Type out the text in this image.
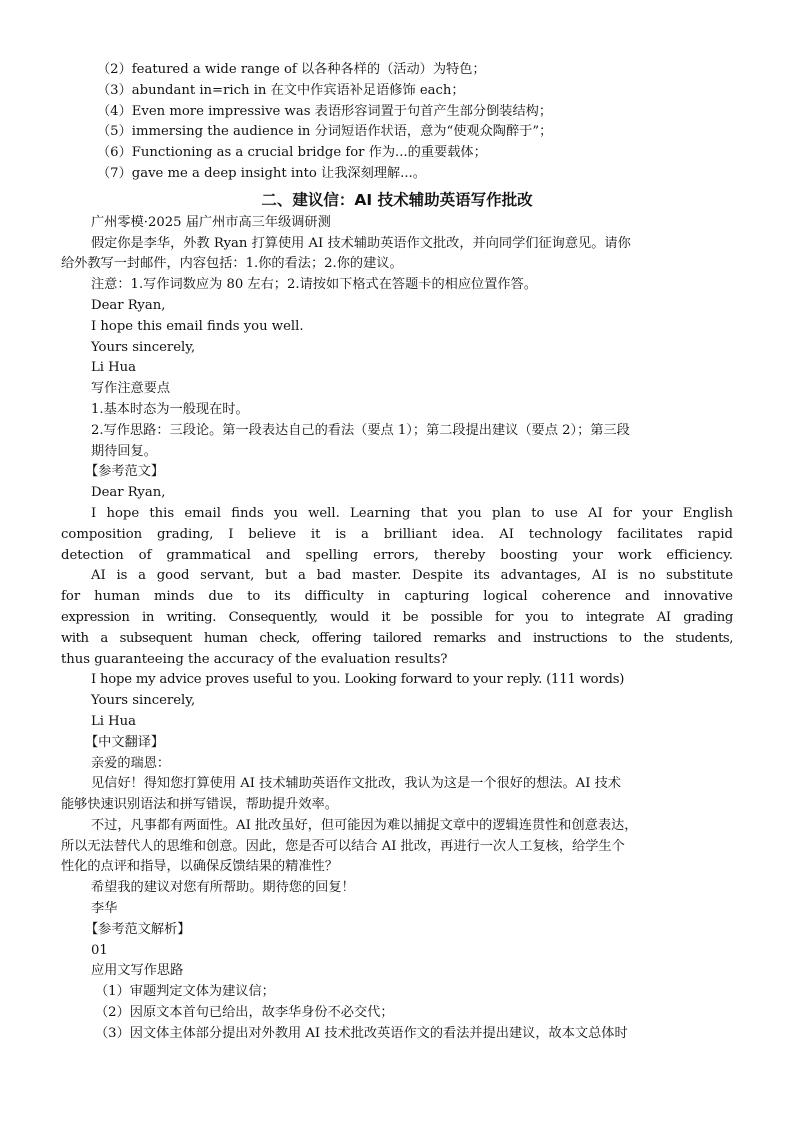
（2）featured a wide range of 以各种各样的（活动）为特色；
（3）abundant in=rich in 在文中作宾语补足语修饰 each；
（4）Even more impressive was 表语形容词置于句首产生部分倒装结构；
（5）immersing the audience in 分词短语作状语，意为“使观众陶醉于”；
（6）Functioning as a crucial bridge for 作为...的重要载体；
（7）gave me a deep insight into 让我深刻理解...。
二、建议信：AI 技术辅助英语写作批改
广州零模·2025 届广州市高三年级调研测
假定你是李华，外教 Ryan 打算使用 AI 技术辅助英语作文批改，并向同学们征询意见。请你
给外教写一封邮件，内容包括：1.你的看法；2.你的建议。
注意：1.写作词数应为 80 左右；2.请按如下格式在答题卡的相应位置作答。
Dear Ryan,
I hope this email finds you well.
Yours sincerely,
Li Hua
写作注意要点
1.基本时态为一般现在时。
2.写作思路：三段论。第一段表达自己的看法（要点 1）；第二段提出建议（要点 2）；第三段
期待回复。
【参考范文】
Dear Ryan,
I hope this email finds you well. Learning that you plan to use AI for your English
composition grading, I believe it is a brilliant idea. AI technology facilitates rapid
detection of grammatical and spelling errors, thereby boosting your work efficiency.
AI is a good servant, but a bad master. Despite its advantages, AI is no substitute
for human minds due to its difficulty in capturing logical coherence and innovative
expression in writing. Consequently, would it be possible for you to integrate AI grading
with a subsequent human check, offering tailored remarks and instructions to the students,
thus guaranteeing the accuracy of the evaluation results?
I hope my advice proves useful to you. Looking forward to your reply. (111 words)
Yours sincerely,
Li Hua
【中文翻译】
亲爱的瑞恩：
见信好！得知您打算使用 AI 技术辅助英语作文批改，我认为这是一个很好的想法。AI 技术
能够快速识别语法和拼写错误，帮助提升效率。
不过，凡事都有两面性。AI 批改虽好，但可能因为难以捕捉文章中的逻辑连贯性和创意表达，
所以无法替代人的思维和创意。因此，您是否可以结合 AI 批改，再进行一次人工复核，给学生个
性化的点评和指导，以确保反馈结果的精准性？
希望我的建议对您有所帮助。期待您的回复！
李华
【参考范文解析】
01
应用文写作思路
（1）审题判定文体为建议信；
（2）因原文本首句已给出，故李华身份不必交代；
（3）因文体主体部分提出对外教用 AI 技术批改英语作文的看法并提出建议，故本文总体时
